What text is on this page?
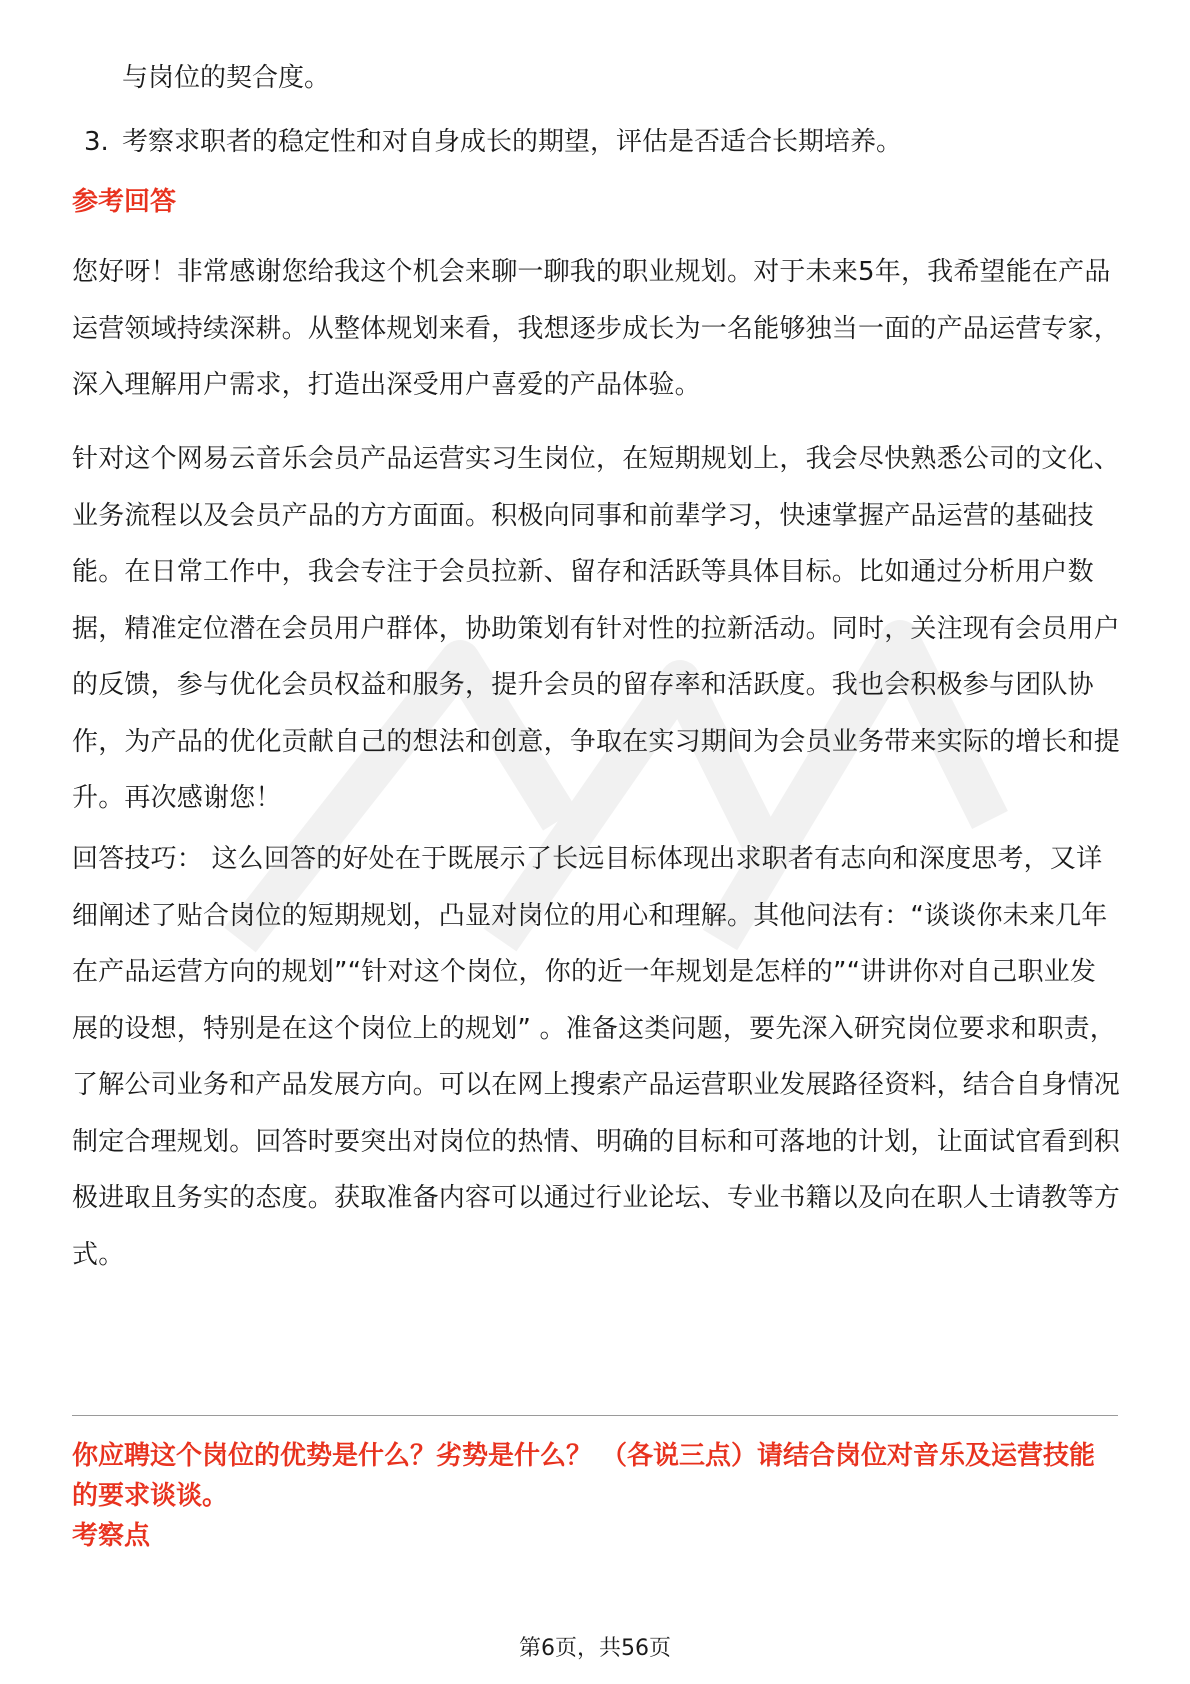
与岗位的契合度。

3. 考察求职者的稳定性和对自身成长的期望，评估是否适合长期培养。

参考回答

您好呀！非常感谢您给我这个机会来聊一聊我的职业规划。对于未来5年，我希望能在产品运营领域持续深耕。从整体规划来看，我想逐步成长为一名能够独当一面的产品运营专家，深入理解用户需求，打造出深受用户喜爱的产品体验。

针对这个网易云音乐会员产品运营实习生岗位，在短期规划上，我会尽快熟悉公司的文化、业务流程以及会员产品的方方面面。积极向同事和前辈学习，快速掌握产品运营的基础技能。在日常工作中，我会专注于会员拉新、留存和活跃等具体目标。比如通过分析用户数据，精准定位潜在会员用户群体，协助策划有针对性的拉新活动。同时，关注现有会员用户的反馈，参与优化会员权益和服务，提升会员的留存率和活跃度。我也会积极参与团队协作，为产品的优化贡献自己的想法和创意，争取在实习期间为会员业务带来实际的增长和提升。再次感谢您！

回答技巧： 这么回答的好处在于既展示了长远目标体现出求职者有志向和深度思考，又详细阐述了贴合岗位的短期规划，凸显对岗位的用心和理解。其他问法有：“谈谈你未来几年在产品运营方向的规划”“针对这个岗位，你的近一年规划是怎样的”“讲讲你对自己职业发展的设想，特别是在这个岗位上的规划” 。准备这类问题，要先深入研究岗位要求和职责，了解公司业务和产品发展方向。可以在网上搜索产品运营职业发展路径资料，结合自身情况制定合理规划。回答时要突出对岗位的热情、明确的目标和可落地的计划，让面试官看到积极进取且务实的态度。获取准备内容可以通过行业论坛、专业书籍以及向在职人士请教等方式。

你应聘这个岗位的优势是什么？劣势是什么？ （各说三点）请结合岗位对音乐及运营技能的要求谈谈。
考察点

第6页，共56页
